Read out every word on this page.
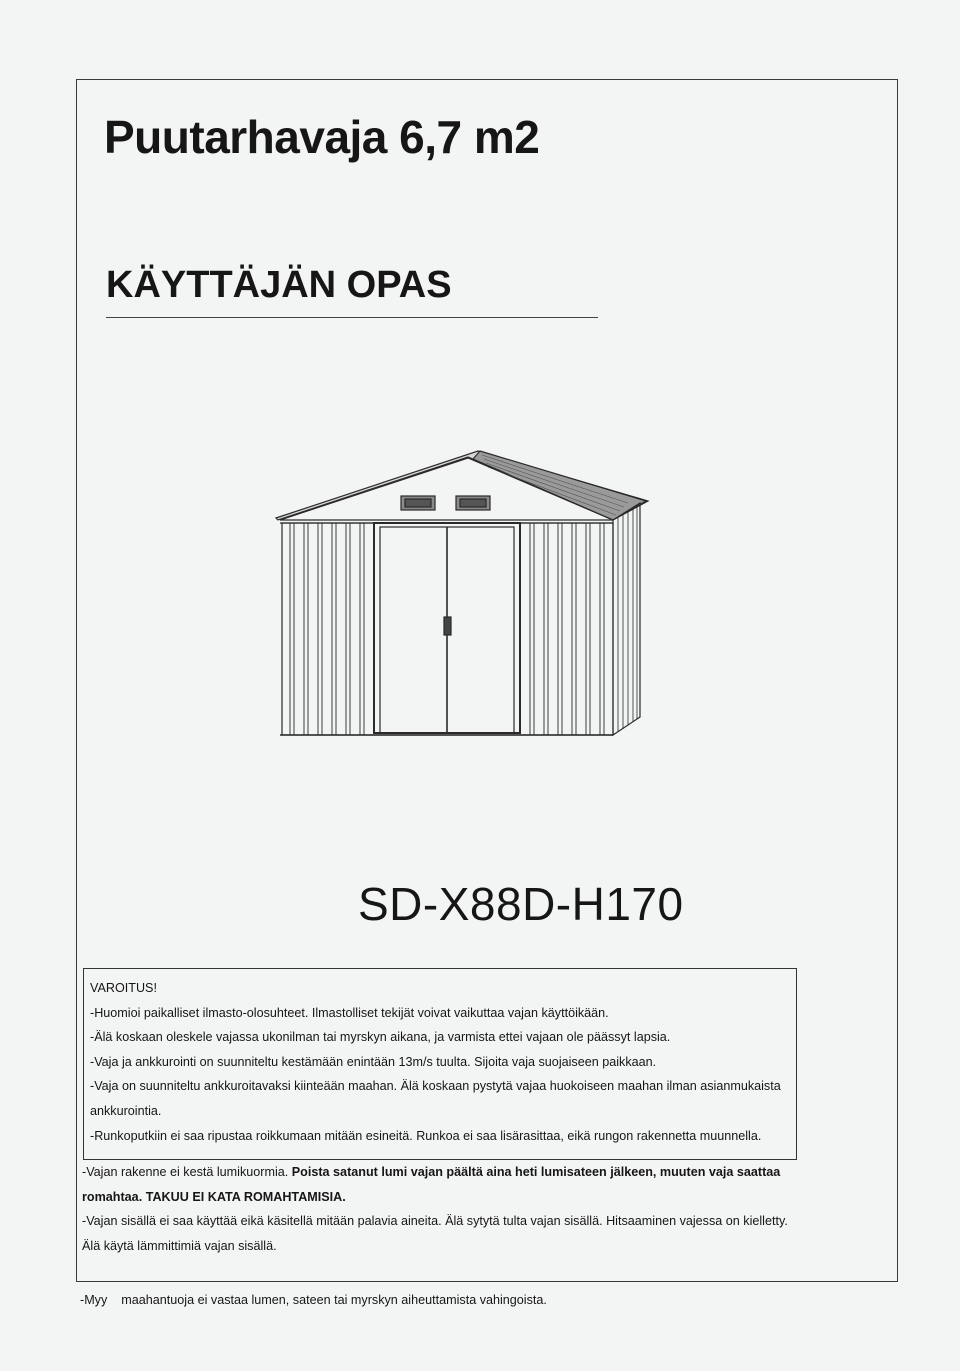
Puutarhavaja 6,7 m2
KÄYTTÄJÄN OPAS
SD-X88D-H170

VAROITUS!

-Huomioi paikalliset ilmasto-olosuhteet. Ilmastolliset tekijät voivat vaikuttaa vajan käyttöikään.

-Älä koskaan oleskele vajassa ukonilman tai myrskyn aikana, ja varmista ettei vajaan ole päässyt lapsia.

-Vaja ja ankkurointi on suunniteltu kestämään enintään 13m/s tuulta. Sijoita vaja suojaiseen paikkaan.

-Vaja on suunniteltu ankkuroitavaksi kiinteään maahan. Älä koskaan pystytä vajaa huokoiseen maahan ilman asianmukaista ankkurointia.

-Runkoputkiin ei saa ripustaa roikkumaan mitään esineitä. Runkoa ei saa lisärasittaa, eikä rungon rakennetta muunnella.

-Vajan rakenne ei kestä lumikuormia. Poista satanut lumi vajan päältä aina heti lumisateen jälkeen, muuten vaja saattaa romahtaa. TAKUU EI KATA ROMAHTAMISIA.

-Vajan sisällä ei saa käyttää eikä käsitellä mitään palavia aineita. Älä sytytä tulta vajan sisällä. Hitsaaminen vajessa on kielletty. Älä käytä lämmittimiä vajan sisällä.

-Myy maahantuoja ei vastaa lumen, sateen tai myrskyn aiheuttamista vahingoista.
